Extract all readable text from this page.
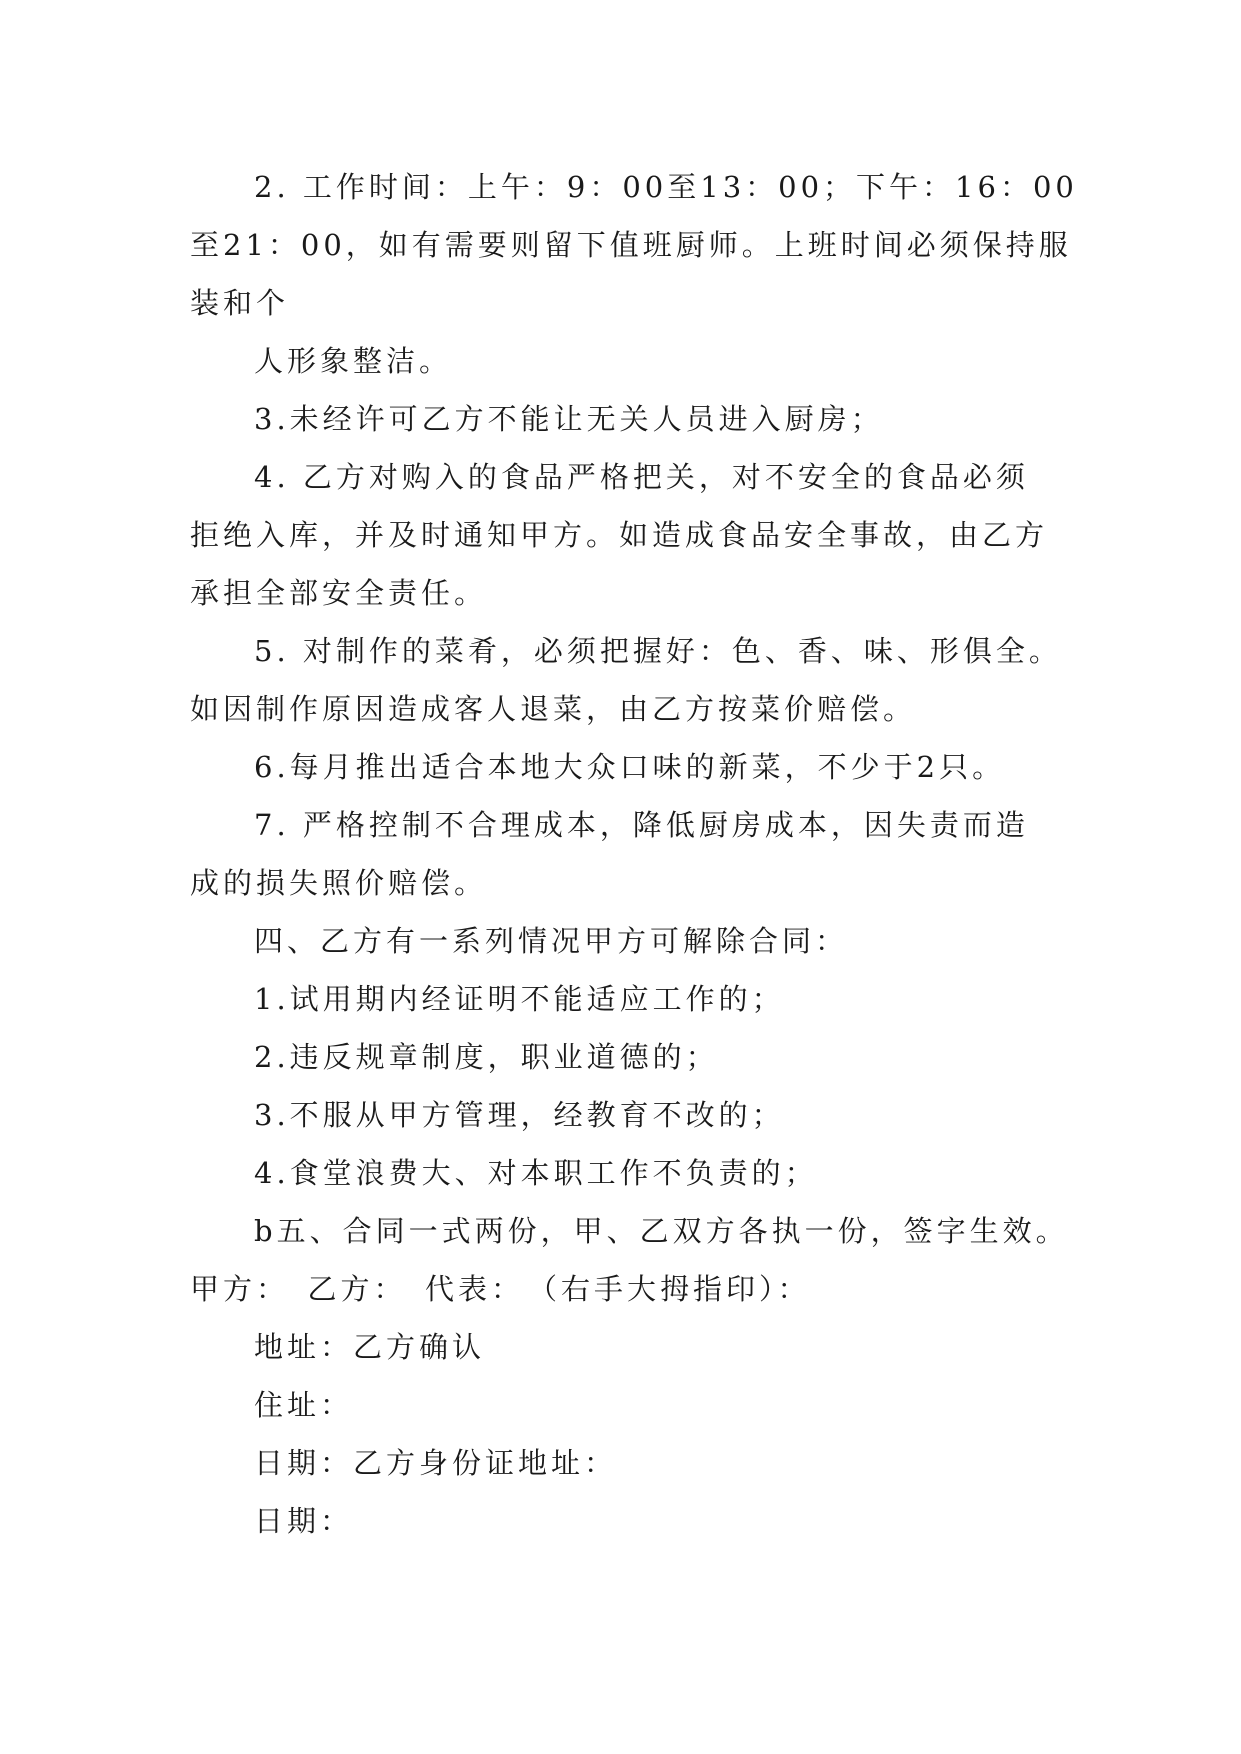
2. 工作时间：上午：9：00至13：00；下午：16：00
至21：00，如有需要则留下值班厨师。上班时间必须保持服
装和个
人形象整洁。
3.未经许可乙方不能让无关人员进入厨房；
4. 乙方对购入的食品严格把关，对不安全的食品必须
拒绝入库，并及时通知甲方。如造成食品安全事故，由乙方
承担全部安全责任。
5. 对制作的菜肴，必须把握好：色、香、味、形俱全。
如因制作原因造成客人退菜，由乙方按菜价赔偿。
6.每月推出适合本地大众口味的新菜，不少于2只。
7. 严格控制不合理成本，降低厨房成本，因失责而造
成的损失照价赔偿。
四、乙方有一系列情况甲方可解除合同：
1.试用期内经证明不能适应工作的；
2.违反规章制度，职业道德的；
3.不服从甲方管理，经教育不改的；
4.食堂浪费大、对本职工作不负责的；
b五、合同一式两份，甲、乙双方各执一份，签字生效。
甲方：　乙方：　代表：　（右手大拇指印）：
地址：乙方确认
住址：
日期：乙方身份证地址：
日期：
